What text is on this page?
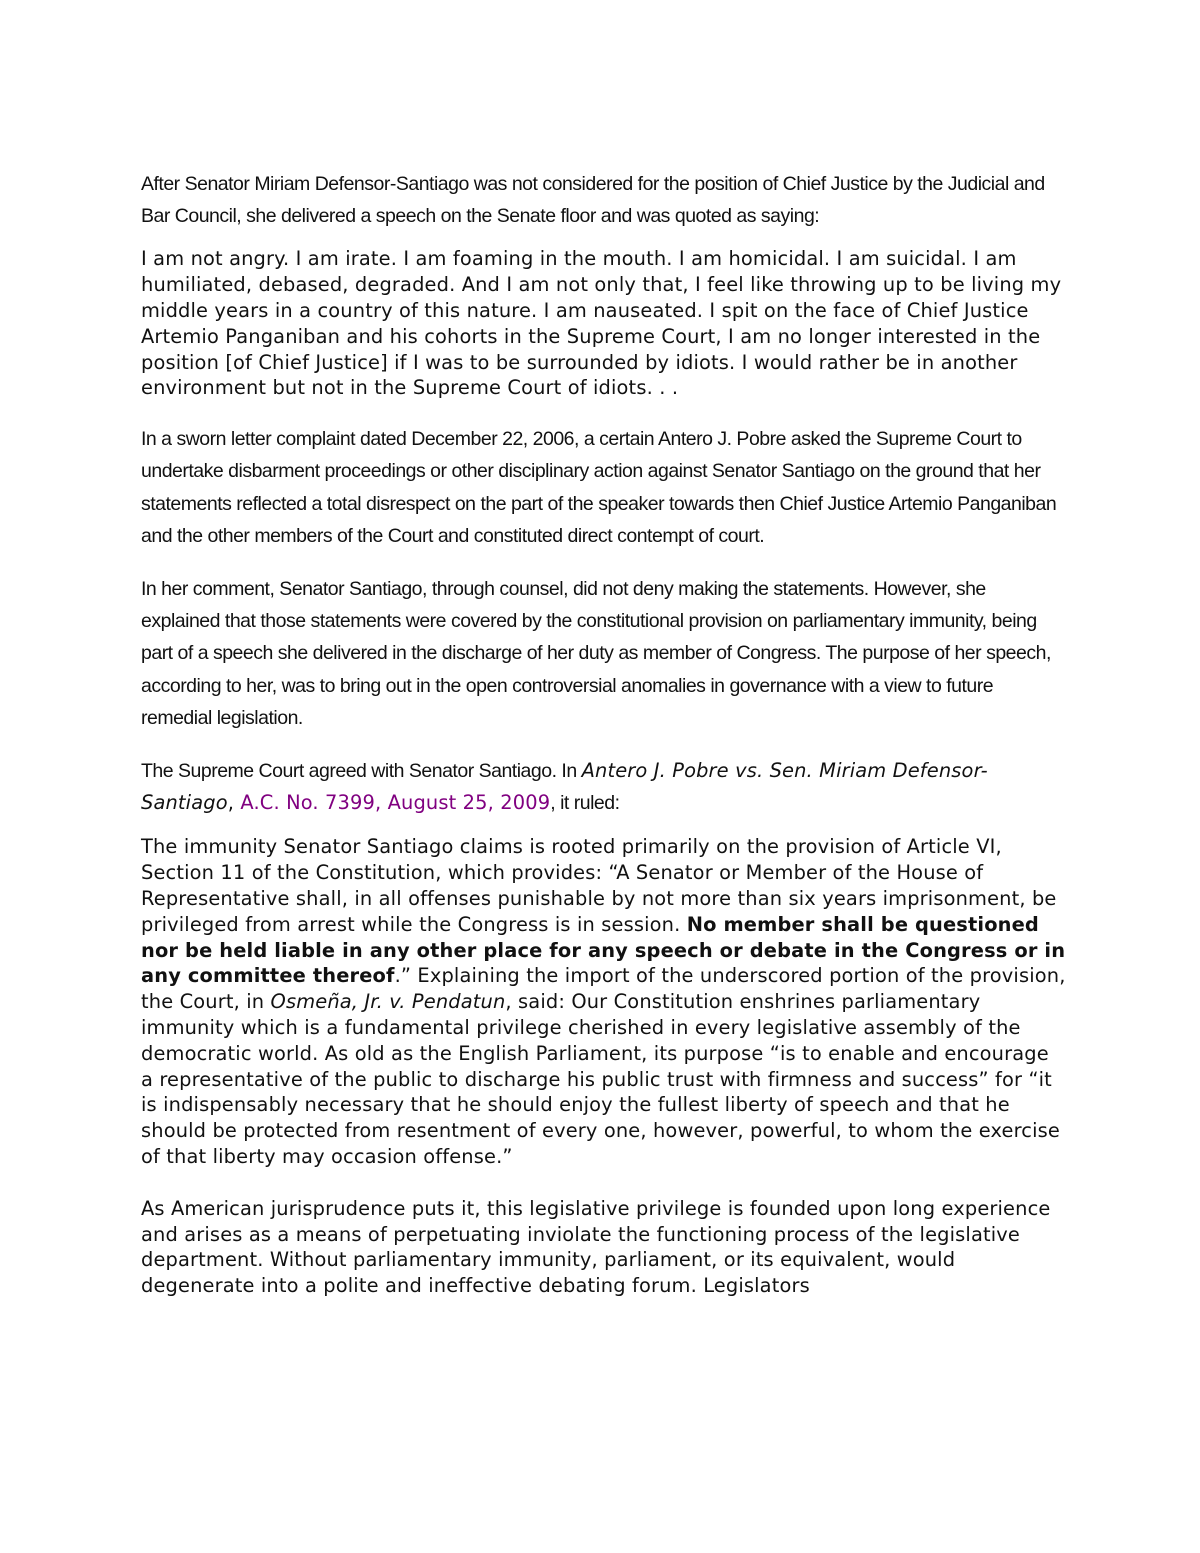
After Senator Miriam Defensor-Santiago was not considered for the position of Chief Justice by the Judicial and Bar Council, she delivered a speech on the Senate floor and was quoted as saying:

I am not angry. I am irate. I am foaming in the mouth. I am homicidal. I am suicidal. I am humiliated, debased, degraded. And I am not only that, I feel like throwing up to be living my middle years in a country of this nature. I am nauseated. I spit on the face of Chief Justice Artemio Panganiban and his cohorts in the Supreme Court, I am no longer interested in the position [of Chief Justice] if I was to be surrounded by idiots. I would rather be in another environment but not in the Supreme Court of idiots. . .

In a sworn letter complaint dated December 22, 2006, a certain Antero J. Pobre asked the Supreme Court to undertake disbarment proceedings or other disciplinary action against Senator Santiago on the ground that her statements reflected a total disrespect on the part of the speaker towards then Chief Justice Artemio Panganiban and the other members of the Court and constituted direct contempt of court.

In her comment, Senator Santiago, through counsel, did not deny making the statements. However, she explained that those statements were covered by the constitutional provision on parliamentary immunity, being part of a speech she delivered in the discharge of her duty as member of Congress. The purpose of her speech, according to her, was to bring out in the open controversial anomalies in governance with a view to future remedial legislation.

The Supreme Court agreed with Senator Santiago. In Antero J. Pobre vs. Sen. Miriam Defensor-Santiago, A.C. No. 7399, August 25, 2009, it ruled:

The immunity Senator Santiago claims is rooted primarily on the provision of Article VI, Section 11 of the Constitution, which provides: “A Senator or Member of the House of Representative shall, in all offenses punishable by not more than six years imprisonment, be privileged from arrest while the Congress is in session. No member shall be questioned nor be held liable in any other place for any speech or debate in the Congress or in any committee thereof.” Explaining the import of the underscored portion of the provision, the Court, in Osmeña, Jr. v. Pendatun, said: Our Constitution enshrines parliamentary immunity which is a fundamental privilege cherished in every legislative assembly of the democratic world. As old as the English Parliament, its purpose “is to enable and encourage a representative of the public to discharge his public trust with firmness and success” for “it is indispensably necessary that he should enjoy the fullest liberty of speech and that he should be protected from resentment of every one, however, powerful, to whom the exercise of that liberty may occasion offense.”

As American jurisprudence puts it, this legislative privilege is founded upon long experience and arises as a means of perpetuating inviolate the functioning process of the legislative department. Without parliamentary immunity, parliament, or its equivalent, would degenerate into a polite and ineffective debating forum. Legislators
